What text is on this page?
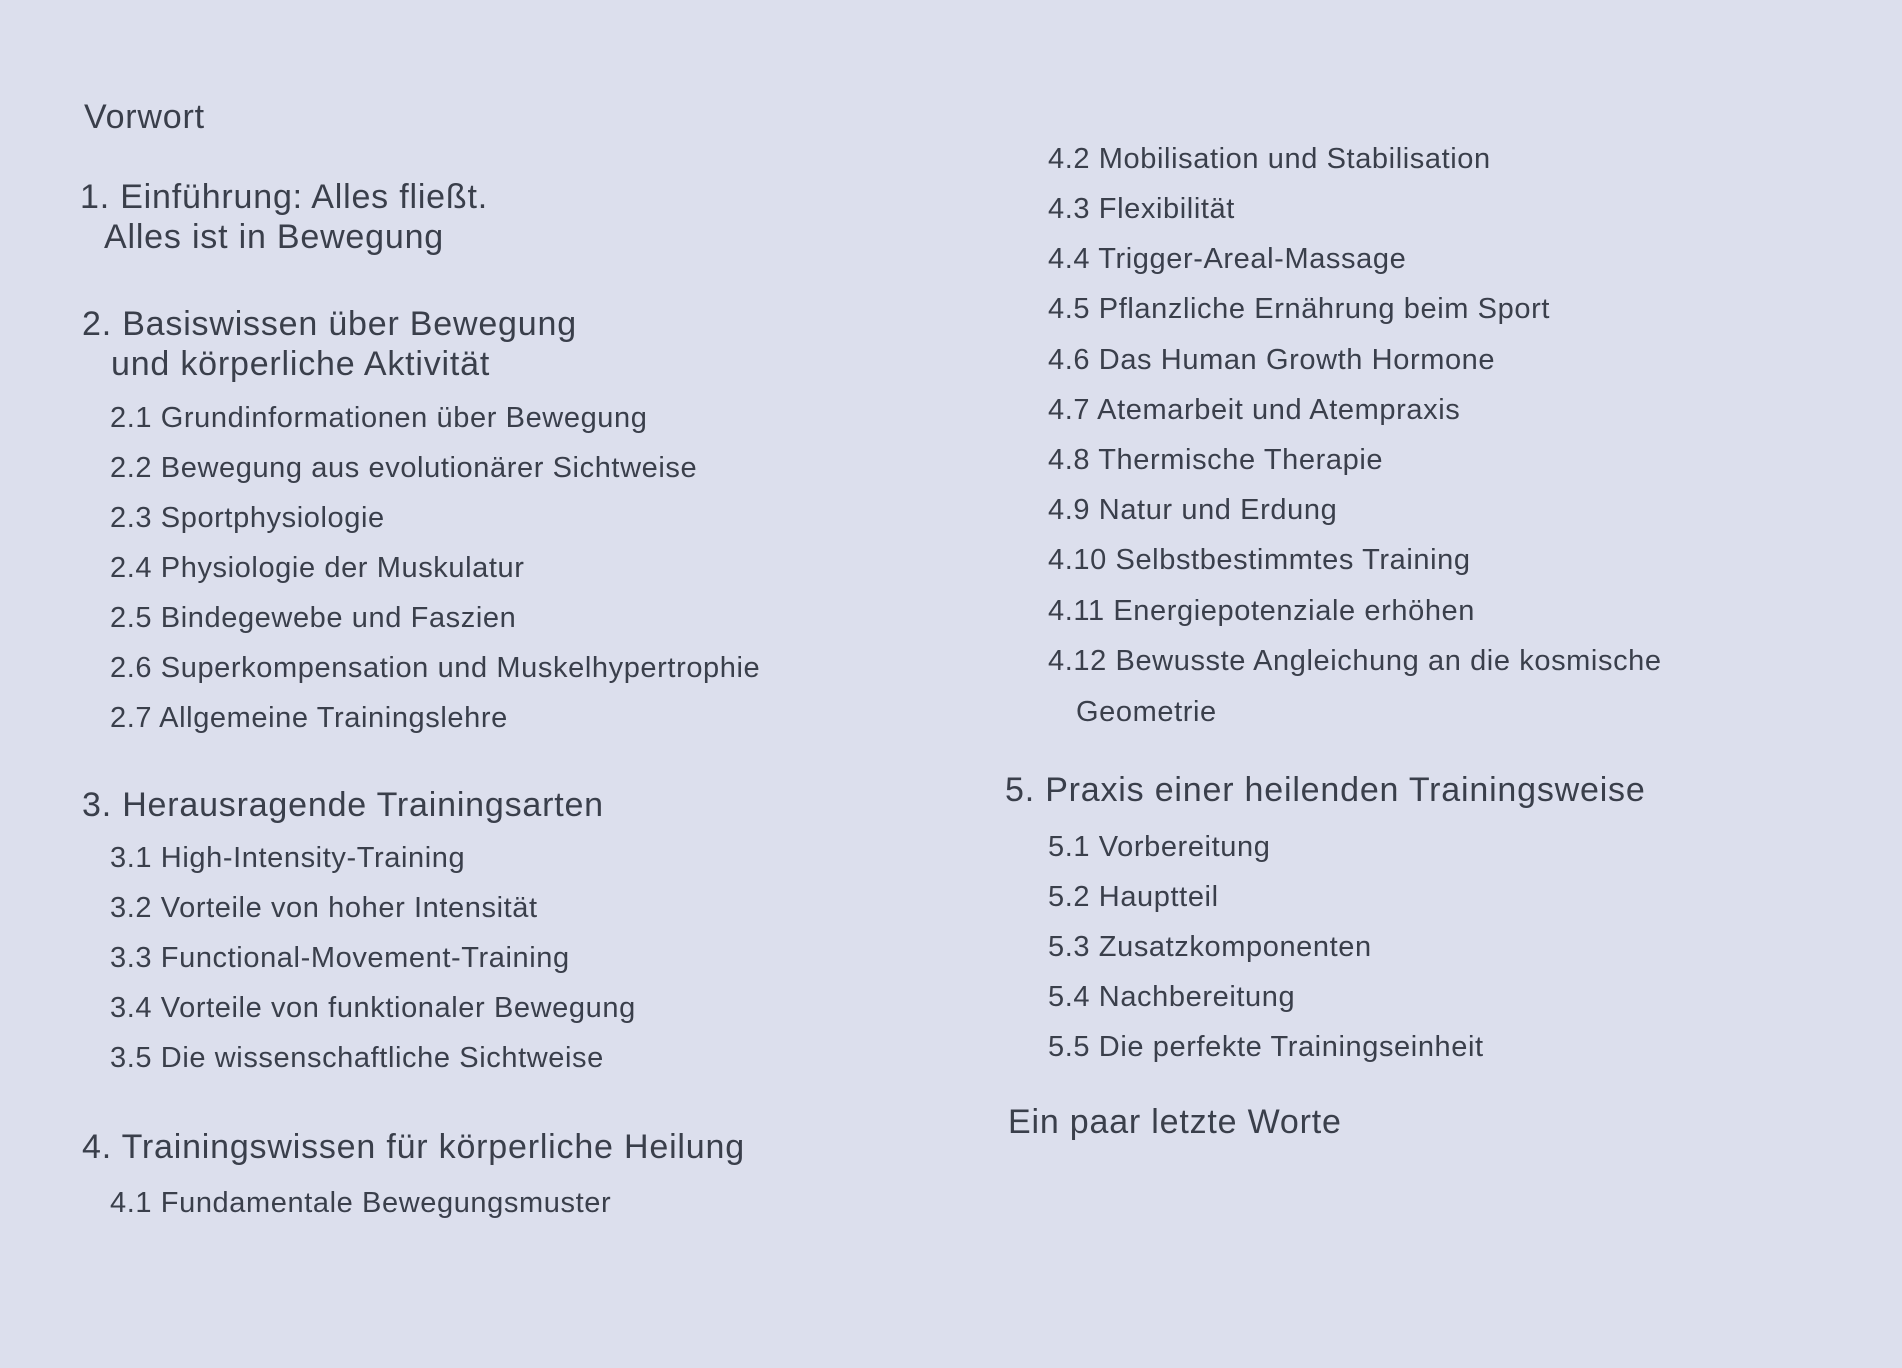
Vorwort
1. Einführung: Alles fließt.
Alles ist in Bewegung
2. Basiswissen über Bewegung
und körperliche Aktivität
2.1 Grundinformationen über Bewegung
2.2 Bewegung aus evolutionärer Sichtweise
2.3 Sportphysiologie
2.4 Physiologie der Muskulatur
2.5 Bindegewebe und Faszien
2.6 Superkompensation und Muskelhypertrophie
2.7 Allgemeine Trainingslehre
3. Herausragende Trainingsarten
3.1 High-Intensity-Training
3.2 Vorteile von hoher Intensität
3.3 Functional-Movement-Training
3.4 Vorteile von funktionaler Bewegung
3.5 Die wissenschaftliche Sichtweise
4. Trainingswissen für körperliche Heilung
4.1 Fundamentale Bewegungsmuster
4.2 Mobilisation und Stabilisation
4.3 Flexibilität
4.4 Trigger-Areal-Massage
4.5 Pflanzliche Ernährung beim Sport
4.6 Das Human Growth Hormone
4.7 Atemarbeit und Atempraxis
4.8 Thermische Therapie
4.9 Natur und Erdung
4.10 Selbstbestimmtes Training
4.11 Energiepotenziale erhöhen
4.12 Bewusste Angleichung an die kosmische
Geometrie
5. Praxis einer heilenden Trainingsweise
5.1 Vorbereitung
5.2 Hauptteil
5.3 Zusatzkomponenten
5.4 Nachbereitung
5.5 Die perfekte Trainingseinheit
Ein paar letzte Worte
